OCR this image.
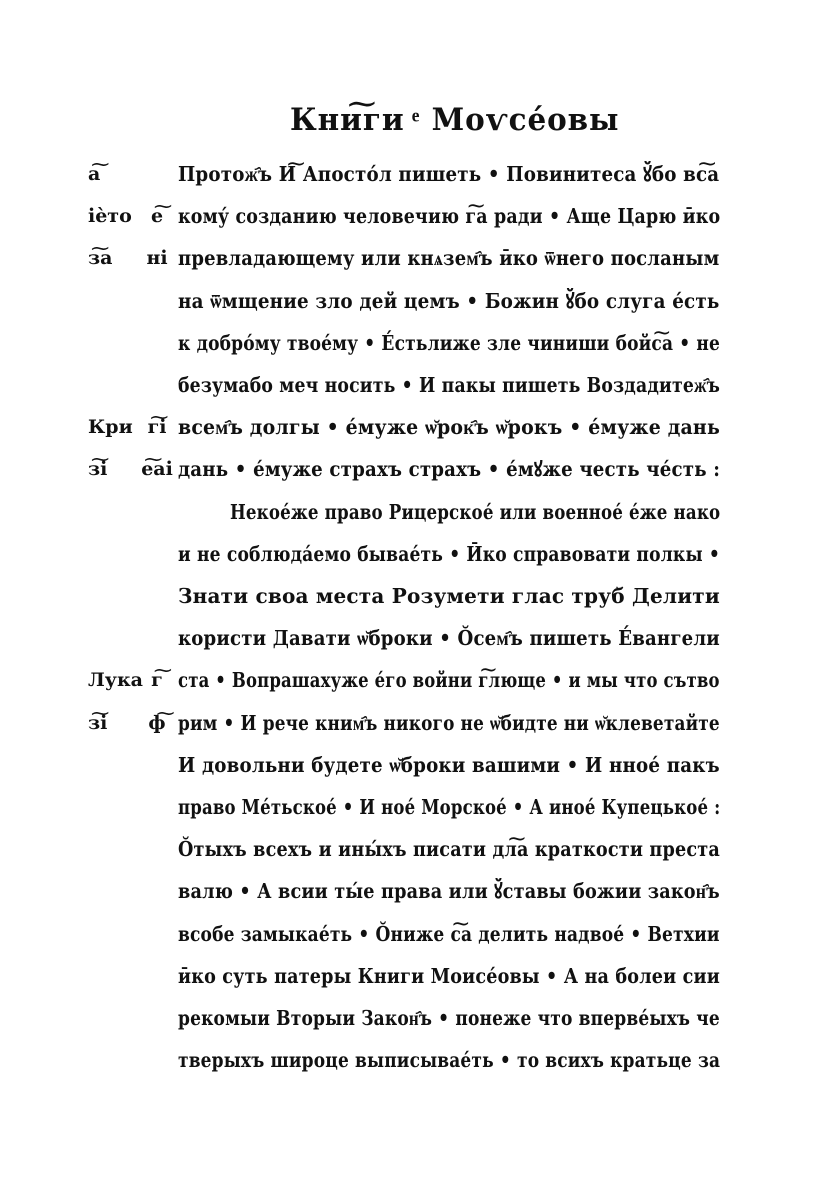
Кни͠ги ͤ Моѵсе́овы
Протож҄ъ И͠ Апосто́л пишеть • Повинитеса ꙋ̆бо вс͠а
а͠
кому́ созданию человечию г͠а ради • Аще Царю ӣко
іѐто	е͠
превладающему или кнѧзем҄ъ ӣко ѿнего посланым
з͠а	ні
на ѿмщение зло дей цемъ • Божин ꙋ̆бо слуга е́сть
к добро́му твое́му • Е́стьлиже зле чиниши бойс͠а • не
безумабо меч носить • И пакы пишеть Воздадитеж҄ъ
всем҄ъ долгы • е́муже ѡ̆рок҄ъ ѡ̆рокъ • е́муже дань
Кри г͠і
дань • е́муже страхъ страхъ • е́мꙋже честь че́сть :
з͠і	е͠аі
Некое́же право Рицерское́ или военное́ е́же нако
и не соблюда́емо бывае́ть • Ӣко справовати полкы •
Знати своа места Розумети глас труб̆ Делити
користи Давати ѡ̆броки • О̆сем҄ъ пишеть Е́вангели
ста • Вопрашахуже е́го войни г͠люще • и мы что сътво
Лука г͠
рим • И рече кним҄ъ никого не ѡ̆бидте ни ѡ̆клеветайте
з͠і	ф͠
И довольни будете ѡ̆броки вашими • И нное́ пакъ
право Ме́тьское́ • И ное́ Морское́ • А иное́ Купецькое́ :
О̆тыхъ всехъ и ины́хъ писати дл͠а краткости преста
валю • А всии ты́е права или ꙋ̆ставы божии закон҄ъ
всобе замыкае́ть • О̆ниже с͠а делить надвое́ • Ветхии
ӣко суть патеры Книги Моисе́овы • А на болеи сии
рекомыи Вторыи Закон҄ъ • понеже что вперве́ыхъ че
тверыхъ широце выписывае́ть • то всихъ кратьце за
